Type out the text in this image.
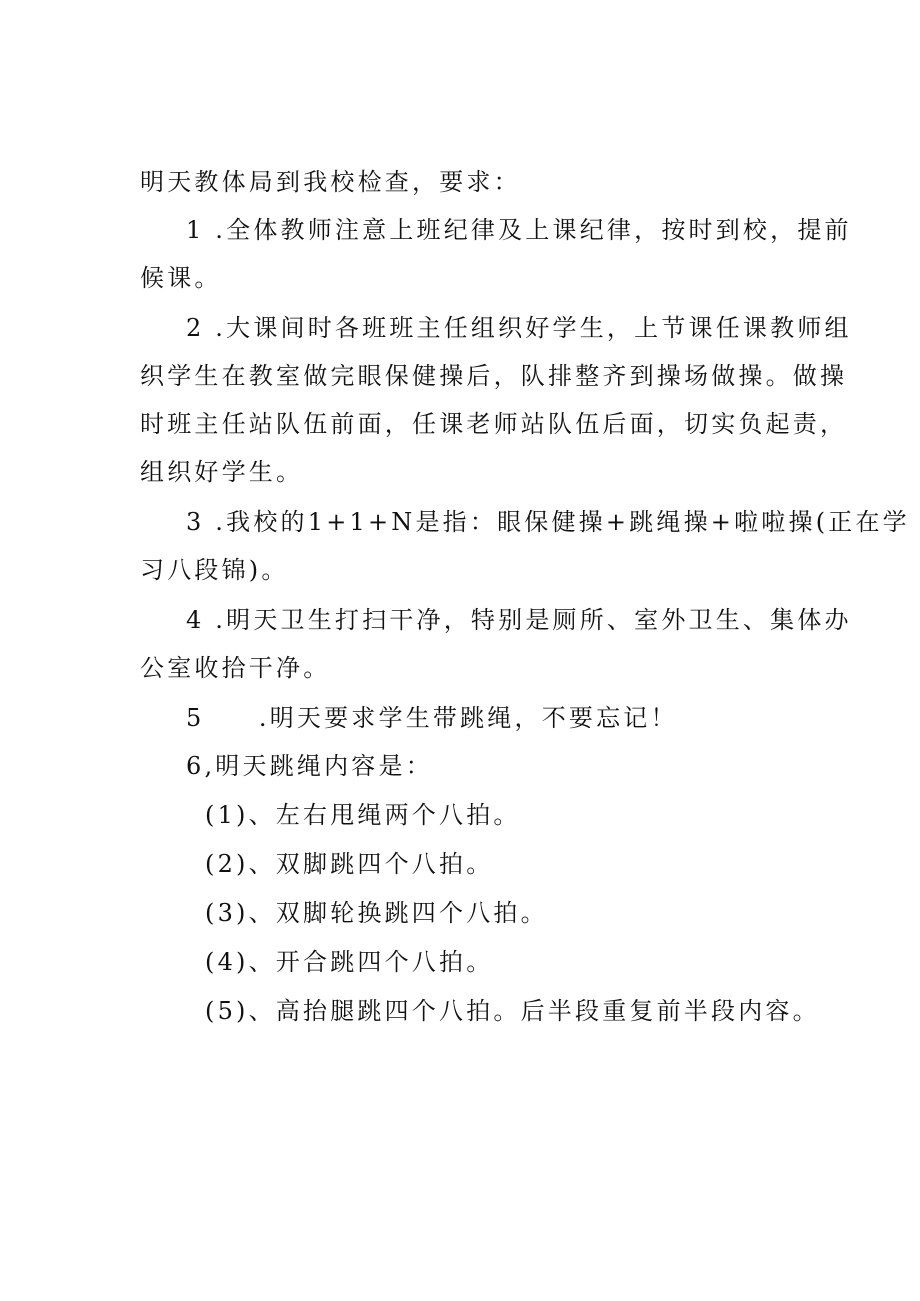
明天教体局到我校检查，要求：
1 .全体教师注意上班纪律及上课纪律，按时到校，提前
候课。
2 .大课间时各班班主任组织好学生，上节课任课教师组
织学生在教室做完眼保健操后，队排整齐到操场做操。做操
时班主任站队伍前面，任课老师站队伍后面，切实负起责，
组织好学生。
3 .我校的1+1+N是指：眼保健操+跳绳操+啦啦操(正在学
习八段锦)。
4 .明天卫生打扫干净，特别是厕所、室外卫生、集体办
公室收拾干净。
5　　.明天要求学生带跳绳，不要忘记！
6,明天跳绳内容是：
(1)、左右甩绳两个八拍。
(2)、双脚跳四个八拍。
(3)、双脚轮换跳四个八拍。
(4)、开合跳四个八拍。
(5)、高抬腿跳四个八拍。后半段重复前半段内容。
